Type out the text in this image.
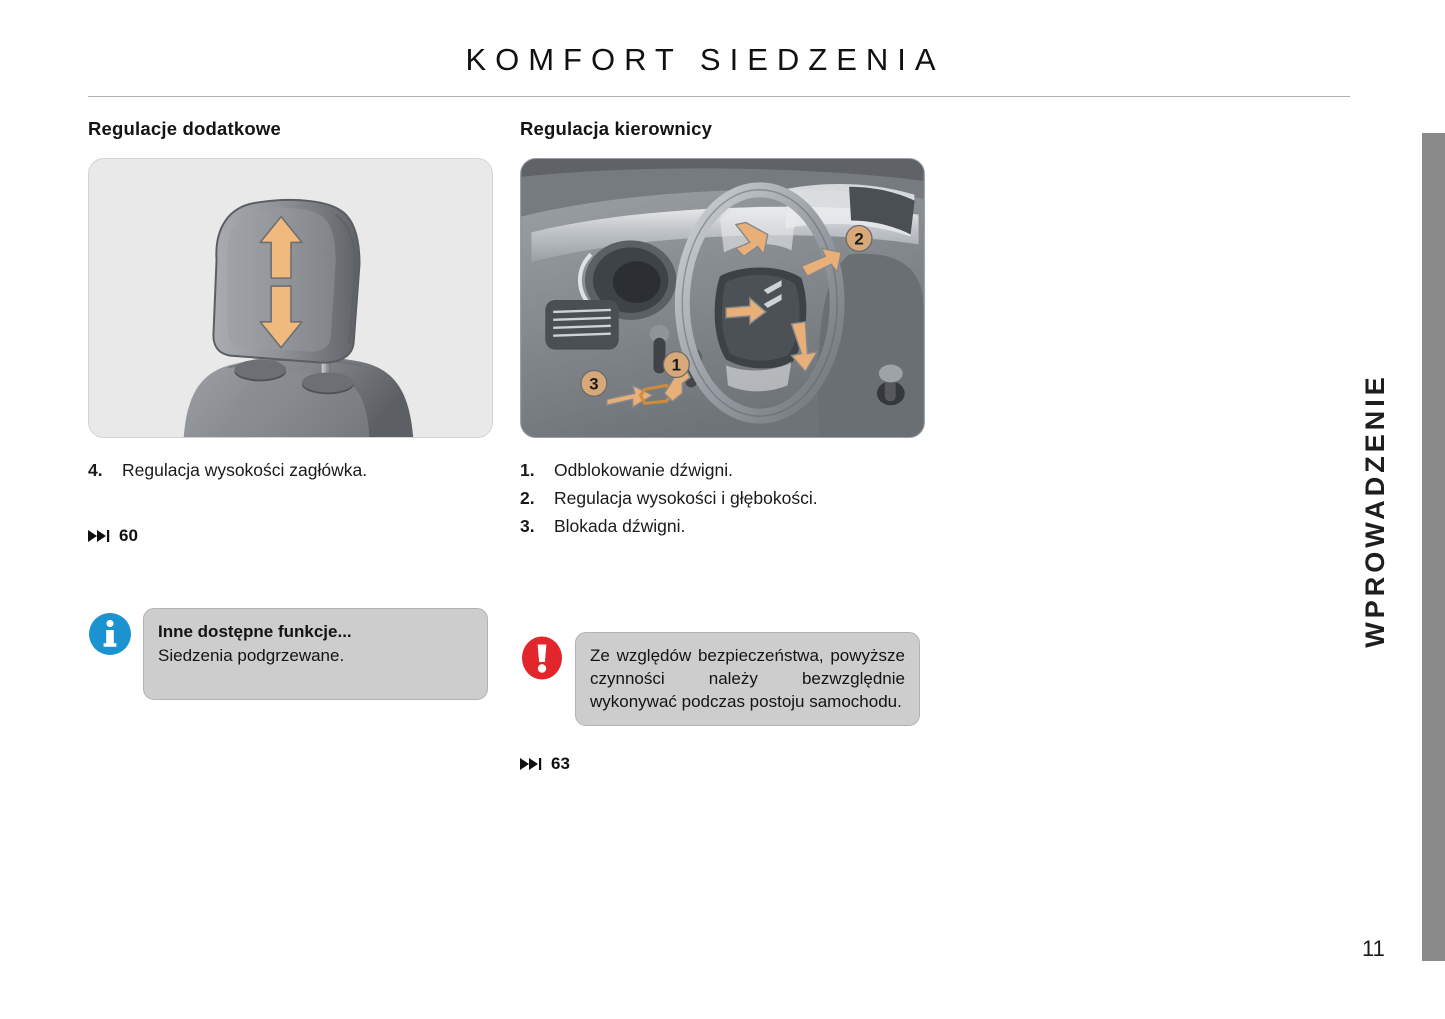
KOMFORT SIEDZENIA
Regulacje dodatkowe
4.	Regulacja wysokości zagłówka.
60

Inne dostępne funkcje...

Siedzenia podgrzewane.

Regulacja kierownicy
1
2
3
1.	Odblokowanie dźwigni.
2.	Regulacja wysokości i głębokości.
3.	Blokada dźwigni.

Ze względów bezpieczeństwa, powyższe czynności należy bezwzględnie wykonywać podczas postoju samochodu.

63
WPROWADZENIE
11
